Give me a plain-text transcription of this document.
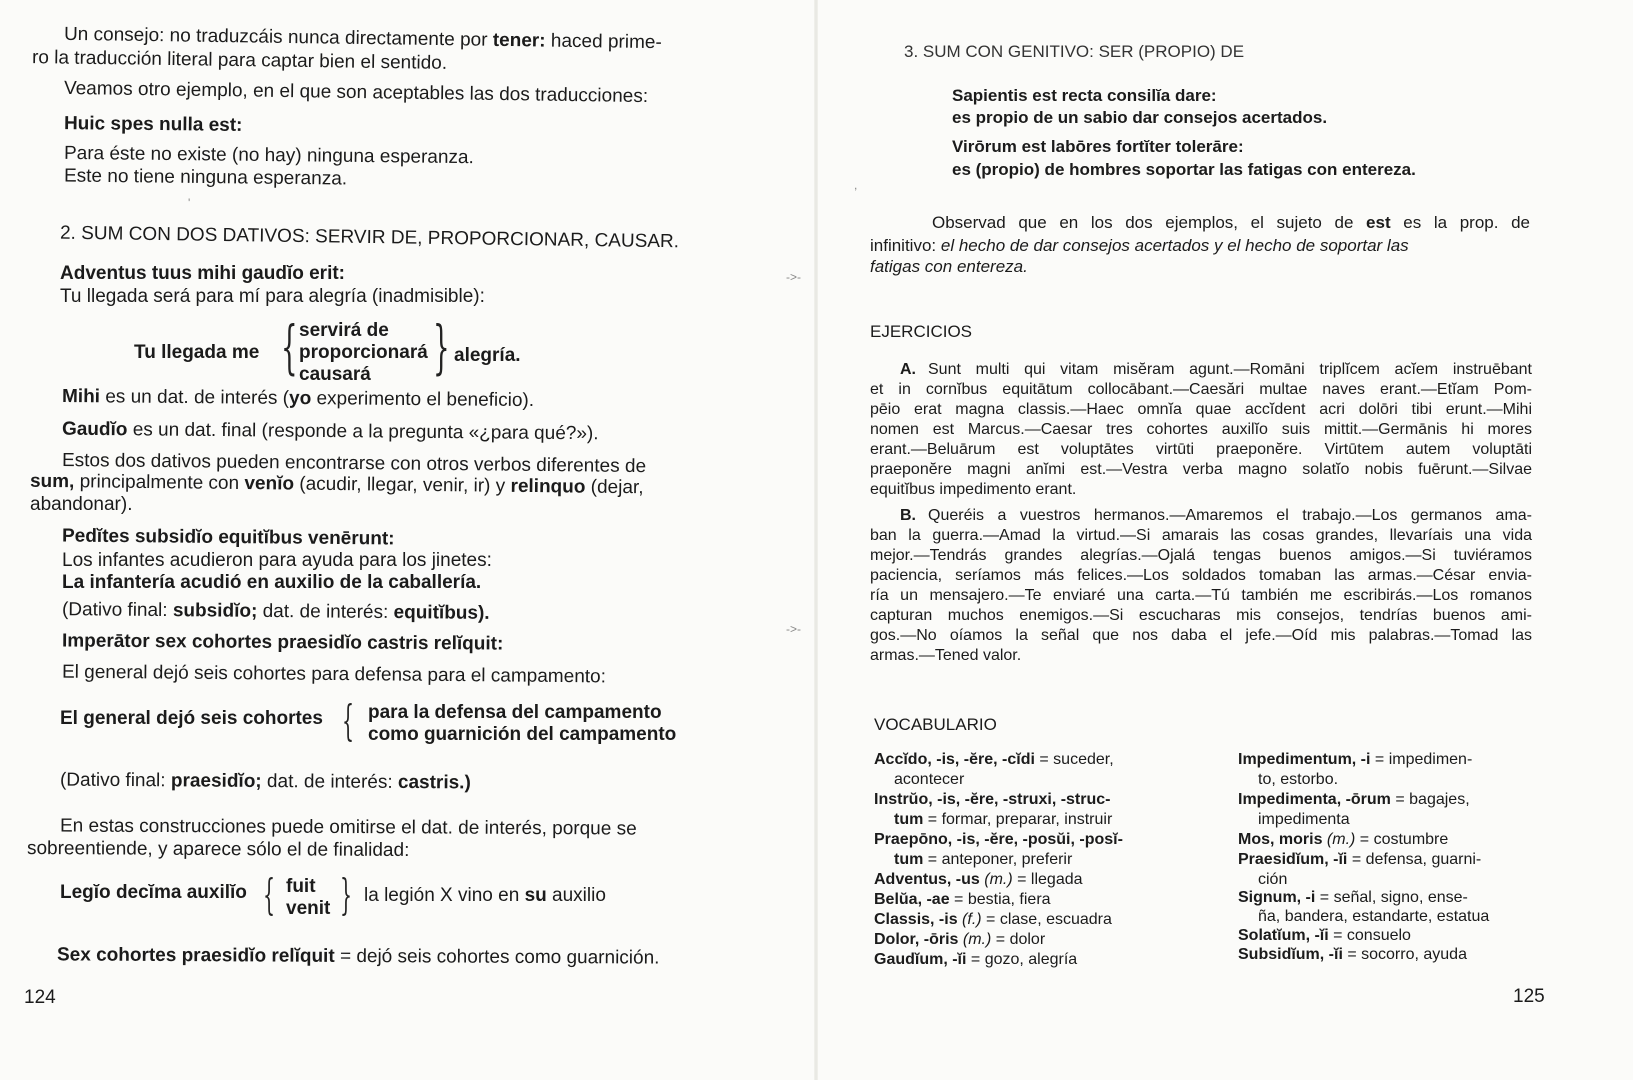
Un consejo: no traduzcáis nunca directamente por tener: haced prime-
ro la traducción literal para captar bien el sentido.
Veamos otro ejemplo, en el que son aceptables las dos traducciones:
Huic spes nulla est:
Para éste no existe (no hay) ninguna esperanza.
Este no tiene ninguna esperanza.
2. SUM CON DOS DATIVOS: SERVIR DE, PROPORCIONAR, CAUSAR.
Adventus tuus mihi gaudĭo erit:
Tu llegada será para mí para alegría (inadmisible):
Tu llegada me { servirá de
proporcionará
causará } alegría.
Mihi es un dat. de interés (yo experimento el beneficio).
Gaudĭo es un dat. final (responde a la pregunta «¿para qué?»).
Estos dos dativos pueden encontrarse con otros verbos diferentes de
sum, principalmente con venĭo (acudir, llegar, venir, ir) y relinquo (dejar,
abandonar).
Pedĭtes subsidĭo equitĭbus venērunt:
Los infantes acudieron para ayuda para los jinetes:
La infantería acudió en auxilio de la caballería.
(Dativo final: subsidĭo; dat. de interés: equitĭbus).
Imperātor sex cohortes praesidĭo castris relĭquit:
El general dejó seis cohortes para defensa para el campamento:
El general dejó seis cohortes { para la defensa del campamento
como guarnición del campamento
(Dativo final: praesidĭo; dat. de interés: castris.)
En estas construcciones puede omitirse el dat. de interés, porque se
sobreentiende, y aparece sólo el de finalidad:
Legĭo decĭma auxilĭo { fuit
venit } la legión X vino en su auxilio
Sex cohortes praesidĭo relĭquit = dejó seis cohortes como guarnición.
124
'
->-
->-
3. SUM CON GENITIVO: SER (PROPIO) DE
Sapientis est recta consilĭa dare:
es propio de un sabio dar consejos acertados.
Virōrum est labōres fortĭter tolerāre:
es (propio) de hombres soportar las fatigas con entereza.
Observad que en los dos ejemplos, el sujeto de est es la prop. de
infinitivo: el hecho de dar consejos acertados y el hecho de soportar las
fatigas con entereza.
EJERCICIOS
A. Sunt multi qui vitam misĕram agunt.—Romāni triplĭcem acĭem instruēbant
et in cornĭbus equitātum collocābant.—Caesări multae naves erant.—Etĭam Pom-
pēio erat magna classis.—Haec omnĭa quae accĭdent acri dolōri tibi erunt.—Mihi
nomen est Marcus.—Caesar tres cohortes auxilĭo suis mittit.—Germānis hi mores
erant.—Beluārum est voluptātes virtūti praeponĕre. Virtūtem autem voluptāti
praeponĕre magni anĭmi est.—Vestra verba magno solatĭo nobis fuērunt.—Silvae
equitĭbus impedimento erant.
B. Queréis a vuestros hermanos.—Amaremos el trabajo.—Los germanos ama-
ban la guerra.—Amad la virtud.—Si amarais las cosas grandes, llevaríais una vida
mejor.—Tendrás grandes alegrías.—Ojalá tengas buenos amigos.—Si tuviéramos
paciencia, seríamos más felices.—Los soldados tomaban las armas.—César envia-
ría un mensajero.—Te enviaré una carta.—Tú también me escribirás.—Los romanos
capturan muchos enemigos.—Si escucharas mis consejos, tendrías buenos ami-
gos.—No oíamos la señal que nos daba el jefe.—Oíd mis palabras.—Tomad las
armas.—Tened valor.
VOCABULARIO
Accĭdo, -is, -ĕre, -cĭdi = suceder,
acontecer
Instrŭo, -is, -ĕre, -struxi, -struc-
tum = formar, preparar, instruir
Praepōno, -is, -ĕre, -posŭi, -posĭ-
tum = anteponer, preferir
Adventus, -us (m.) = llegada
Belŭa, -ae = bestia, fiera
Classis, -is (f.) = clase, escuadra
Dolor, -ōris (m.) = dolor
Gaudĭum, -ĭi = gozo, alegría
Impedimentum, -i = impedimen-
to, estorbo.
Impedimenta, -ōrum = bagajes,
impedimenta
Mos, moris (m.) = costumbre
Praesidĭum, -ĭi = defensa, guarni-
ción
Signum, -i = señal, signo, ense-
ña, bandera, estandarte, estatua
Solatĭum, -ĭi = consuelo
Subsidĭum, -ĭi = socorro, ayuda
125
,
